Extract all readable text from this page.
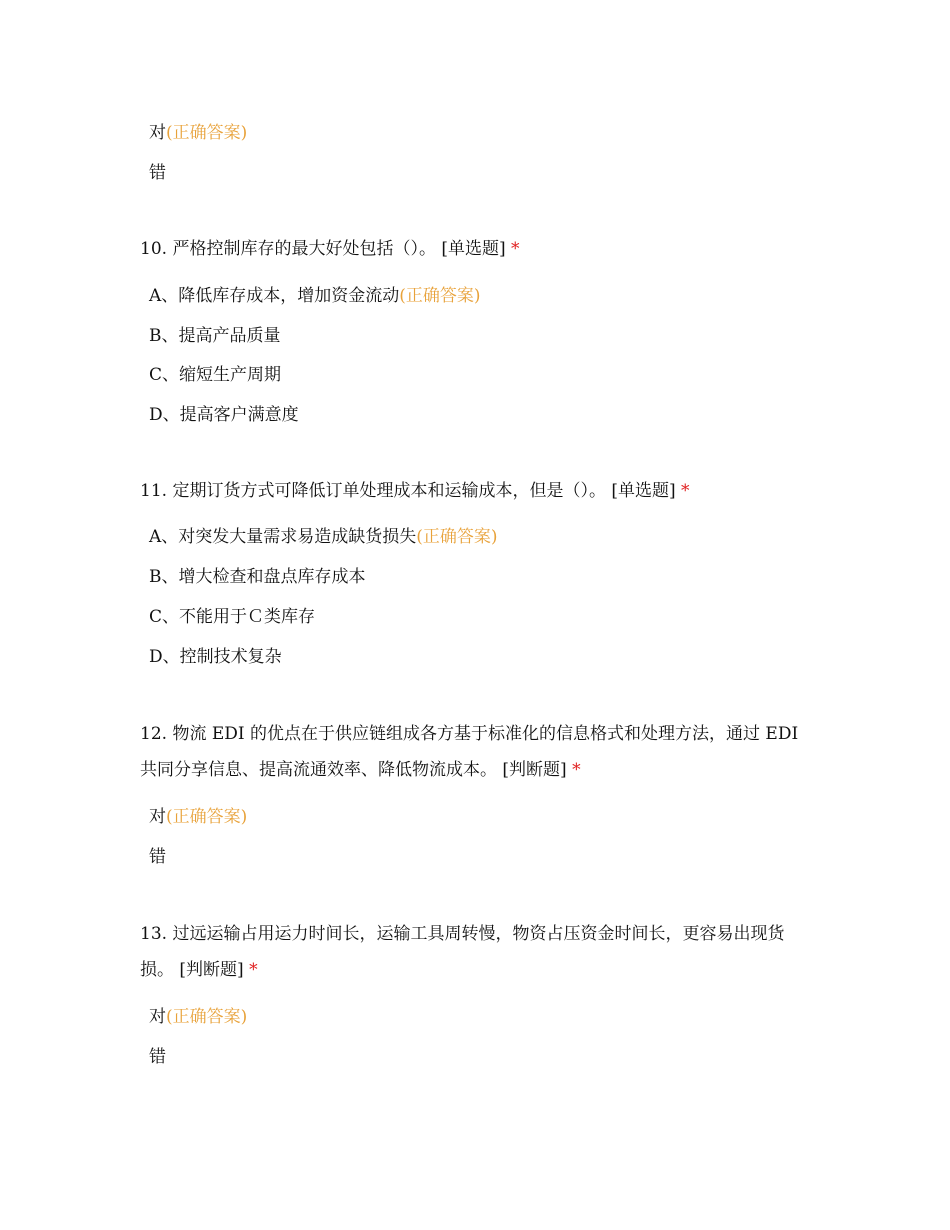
对(正确答案)
错
10. 严格控制库存的最大好处包括（）。 [单选题] *
A、降低库存成本，增加资金流动(正确答案)
B、提高产品质量
C、缩短生产周期
D、提高客户满意度
11. 定期订货方式可降低订单处理成本和运输成本，但是（）。 [单选题] *
A、对突发大量需求易造成缺货损失(正确答案)
B、增大检查和盘点库存成本
C、不能用于Ｃ类库存
D、控制技术复杂
12. 物流 EDI 的优点在于供应链组成各方基于标准化的信息格式和处理方法，通过 EDI 共同分享信息、提高流通效率、降低物流成本。 [判断题] *
对(正确答案)
错
13. 过远运输占用运力时间长，运输工具周转慢，物资占压资金时间长，更容易出现货损。 [判断题] *
对(正确答案)
错
